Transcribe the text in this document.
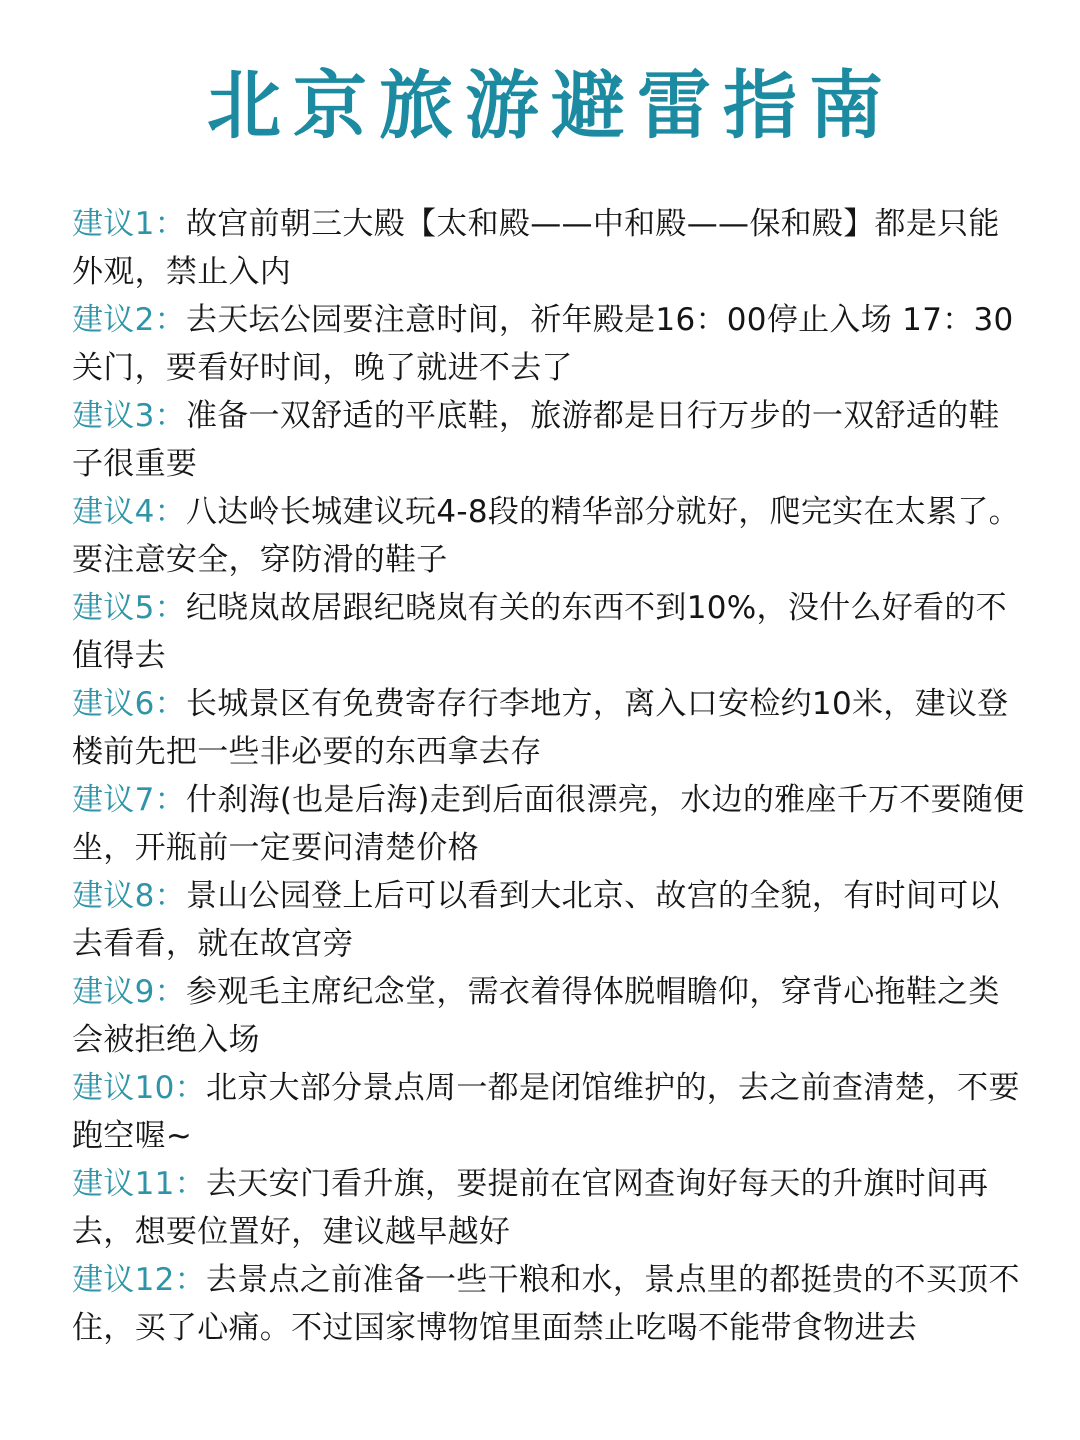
北京旅游避雷指南
建议1：故宫前朝三大殿【太和殿——中和殿——保和殿】都是只能外观，禁止入内
建议2：去天坛公园要注意时间，祈年殿是16：00停止入场 17：30关门，要看好时间，晚了就进不去了
建议3：准备一双舒适的平底鞋，旅游都是日行万步的一双舒适的鞋子很重要
建议4：八达岭长城建议玩4-8段的精华部分就好，爬完实在太累了。要注意安全，穿防滑的鞋子
建议5：纪晓岚故居跟纪晓岚有关的东西不到10%，没什么好看的不值得去
建议6：长城景区有免费寄存行李地方，离入口安检约10米，建议登楼前先把一些非必要的东西拿去存
建议7：什刹海(也是后海)走到后面很漂亮，水边的雅座千万不要随便坐，开瓶前一定要问清楚价格
建议8：景山公园登上后可以看到大北京、故宫的全貌，有时间可以去看看，就在故宫旁
建议9：参观毛主席纪念堂，需衣着得体脱帽瞻仰，穿背心拖鞋之类会被拒绝入场
建议10：北京大部分景点周一都是闭馆维护的，去之前查清楚，不要跑空喔~
建议11：去天安门看升旗，要提前在官网查询好每天的升旗时间再去，想要位置好，建议越早越好
建议12：去景点之前准备一些干粮和水，景点里的都挺贵的不买顶不住，买了心痛。不过国家博物馆里面禁止吃喝不能带食物进去
